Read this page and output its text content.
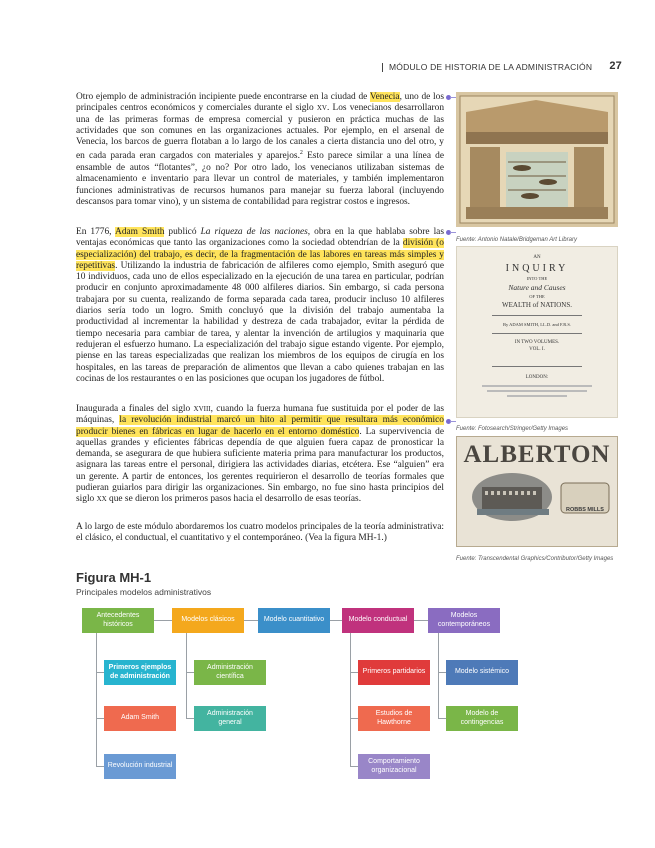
MÓDULO DE HISTORIA DE LA ADMINISTRACIÓN 27
Otro ejemplo de administración incipiente puede encontrarse en la ciudad de Venecia, uno de los principales centros económicos y comerciales durante el siglo xv. Los venecianos desarrollaron una de las primeras formas de empresa comercial y pusieron en práctica muchas de las actividades que son comunes en las organizaciones actuales. Por ejemplo, en el arsenal de Venecia, los barcos de guerra flotaban a lo largo de los canales a cierta distancia uno del otro, y en cada parada eran cargados con materiales y aparejos.$^2$ Esto parece similar a una línea de ensamble de autos “flotantes”, ¿o no? Por otro lado, los venecianos utilizaban sistemas de almacenamiento e inventario para llevar un control de materiales, y también implementaron funciones administrativas de recursos humanos para manejar su fuerza laboral (incluyendo descansos para tomar vino), y un sistema de contabilidad para registrar costos e ingresos.
En 1776, Adam Smith publicó La riqueza de las naciones, obra en la que hablaba sobre las ventajas económicas que tanto las organizaciones como la sociedad obtendrían de la división (o especialización) del trabajo, es decir, de la fragmentación de las labores en tareas más simples y repetitivas. Utilizando la industria de fabricación de alfileres como ejemplo, Smith aseguró que 10 individuos, cada uno de ellos especializado en la ejecución de una tarea en particular, podrían producir en conjunto aproximadamente 48 000 alfileres diarios. Sin embargo, si cada persona trabajara por su cuenta, realizando de forma separada cada tarea, producir incluso 10 alfileres diarios sería todo un logro. Smith concluyó que la división del trabajo aumentaba la productividad al incrementar la habilidad y destreza de cada trabajador, evitar la pérdida de tiempo necesaria para cambiar de tarea, y alentar la invención de artilugios y maquinaria que redujeran el esfuerzo humano. La especialización del trabajo sigue estando vigente. Por ejemplo, piense en las tareas especializadas que realizan los miembros de los equipos de cirugía en los hospitales, en las tareas de preparación de alimentos que llevan a cabo quienes trabajan en las cocinas de los restaurantes o en las posiciones que ocupan los jugadores de fútbol.
Inaugurada a finales del siglo xviii, cuando la fuerza humana fue sustituida por el poder de las máquinas, la revolución industrial marcó un hito al permitir que resultara más económico producir bienes en fábricas en lugar de hacerlo en el entorno doméstico. La supervivencia de aquellas grandes y eficientes fábricas dependía de que alguien fuera capaz de pronosticar la demanda, se asegurara de que hubiera suficiente materia prima para manufacturar los productos, asignara las tareas entre el personal, dirigiera las actividades diarias, etcétera. Ese “alguien” era un gerente. A partir de entonces, los gerentes requirieron el desarrollo de teorías formales que pudieran guiarlos para dirigir las organizaciones. Sin embargo, no fue sino hasta principios del siglo xx que se dieron los primeros pasos hacia el desarrollo de esas teorías.
A lo largo de este módulo abordaremos los cuatro modelos principales de la teoría administrativa: el clásico, el conductual, el cuantitativo y el contemporáneo. (Vea la figura MH-1.)
Fuente: Antonio Natale/Bridgeman Art Library
AN
INQUIRY
INTO THE
Nature and Causes
OF THE
WEALTH of NATIONS.
By ADAM SMITH, LL.D. and F.R.S.
IN TWO VOLUMES.
VOL. I.
LONDON:
Fuente: Fotosearch/Stringer/Getty Images
ALBERTON
ROBBS MILLS
Fuente: Transcendental Graphics/Contributor/Getty Images
Figura MH-1
Principales modelos administrativos
Antecedentes históricos
Modelos clásicos	Modelo cuantitativo	Modelo conductual
Modelos contemporáneos
Primeros ejemplos de administración
Adam Smith
Revolución industrial
Administración científica
Administración general
Primeros partidarios
Estudios de Hawthorne
Comportamiento organizacional
Modelo sistémico
Modelo de contingencias
